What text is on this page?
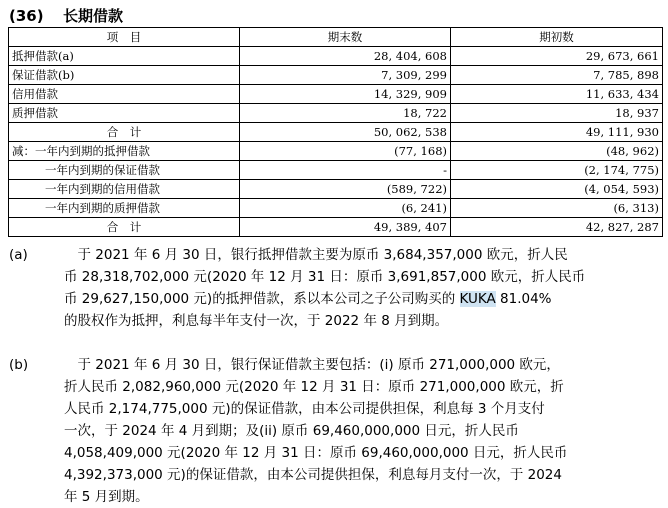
(36) 长期借款
项　目	期末数	期初数
抵押借款(a)	28, 404, 608	29, 673, 661
保证借款(b)	7, 309, 299	7, 785, 898
信用借款	14, 329, 909	11, 633, 434
质押借款	18, 722	18, 937
合　计	50, 062, 538	49, 111, 930
减：一年内到期的抵押借款	(77, 168)	(48, 962)
一年内到期的保证借款	-	(2, 174, 775)
一年内到期的信用借款	(589, 722)	(4, 054, 593)
一年内到期的质押借款	(6, 241)	(6, 313)
合　计	49, 389, 407	42, 827, 287
(a)	　于 2021 年 6 月 30 日，银行抵押借款主要为原币 3,684,357,000 欧元，折人民
币 28,318,702,000 元(2020 年 12 月 31 日：原币 3,691,857,000 欧元，折人民币
币 29,627,150,000 元)的抵押借款，系以本公司之子公司购买的 KUKA 81.04%
的股权作为抵押，利息每半年支付一次，于 2022 年 8 月到期。
(b)	　于 2021 年 6 月 30 日，银行保证借款主要包括：(i) 原币 271,000,000 欧元，
折人民币 2,082,960,000 元(2020 年 12 月 31 日：原币 271,000,000 欧元，折
人民币 2,174,775,000 元)的保证借款，由本公司提供担保，利息每 3 个月支付
一次，于 2024 年 4 月到期；及(ii) 原币 69,460,000,000 日元，折人民币
4,058,409,000 元(2020 年 12 月 31 日：原币 69,460,000,000 日元，折人民币
4,392,373,000 元)的保证借款，由本公司提供担保，利息每月支付一次，于 2024
年 5 月到期。
